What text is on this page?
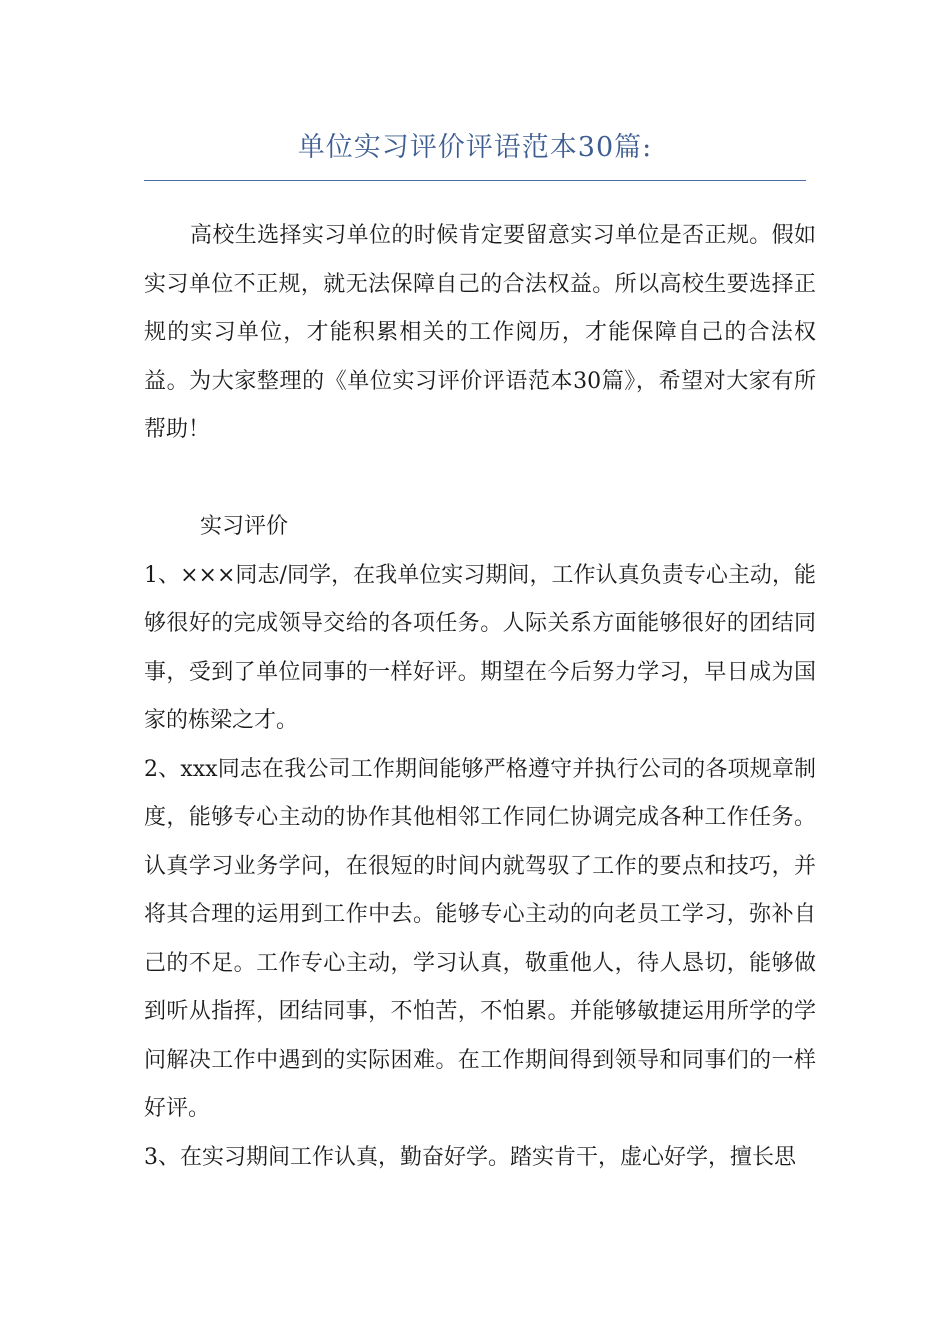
单位实习评价评语范本30篇:

高校生选择实习单位的时候肯定要留意实习单位是否正规。假如实习单位不正规，就无法保障自己的合法权益。所以高校生要选择正规的实习单位，才能积累相关的工作阅历，才能保障自己的合法权益。为大家整理的《单位实习评价评语范本30篇》，希望对大家有所帮助！

实习评价

1、×××同志/同学，在我单位实习期间，工作认真负责专心主动，能够很好的完成领导交给的各项任务。人际关系方面能够很好的团结同事，受到了单位同事的一样好评。期望在今后努力学习，早日成为国家的栋梁之才。

2、xxx同志在我公司工作期间能够严格遵守并执行公司的各项规章制度，能够专心主动的协作其他相邻工作同仁协调完成各种工作任务。认真学习业务学问，在很短的时间内就驾驭了工作的要点和技巧，并将其合理的运用到工作中去。能够专心主动的向老员工学习，弥补自己的不足。工作专心主动，学习认真，敬重他人，待人恳切，能够做到听从指挥，团结同事，不怕苦，不怕累。并能够敏捷运用所学的学问解决工作中遇到的实际困难。在工作期间得到领导和同事们的一样好评。

3、在实习期间工作认真，勤奋好学。踏实肯干，虚心好学，擅长思
